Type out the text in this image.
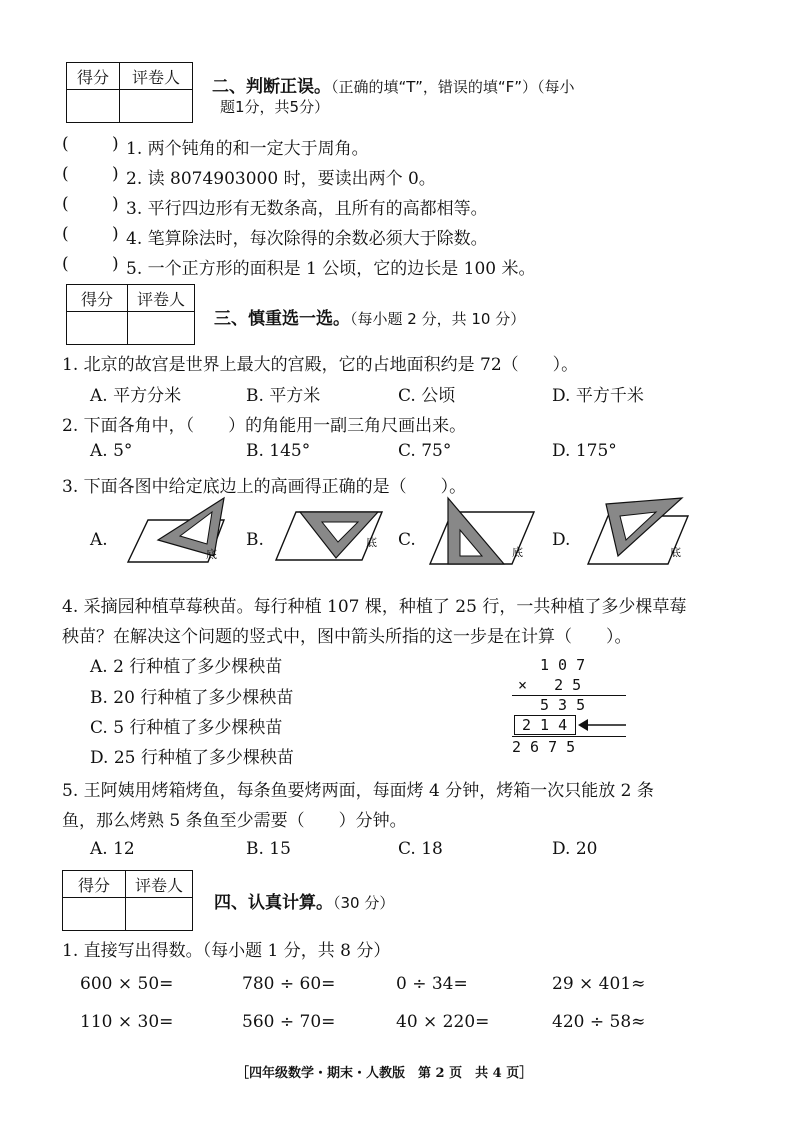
得分	评卷人
	二、判断正误。（正确的填“T”，错误的填“F”）（每小
题1分，共5分）
(	) 1. 两个钝角的和一定大于周角。
(	) 2. 读 8074903000 时，要读出两个 0。
(	) 3. 平行四边形有无数条高，且所有的高都相等。
(	) 4. 笔算除法时，每次除得的余数必须大于除数。
(	) 5. 一个正方形的面积是 1 公顷，它的边长是 100 米。
得分	评卷人

三、慎重选一选。（每小题 2 分，共 10 分）
1. 北京的故宫是世界上最大的宫殿，它的占地面积约是 72（　　）。
A. 平方分米	B. 平方米	C. 公顷	D. 平方千米
2. 下面各角中，（　　）的角能用一副三角尺画出来。
A. 5°	B. 145°	C. 75°	D. 175°
3. 下面各图中给定底边上的高画得正确的是（　　）。
A.
底
B.	底 C.
底
D.
底
4. 采摘园种植草莓秧苗。每行种植 107 棵，种植了 25 行，一共种植了多少棵草莓
秧苗？在解决这个问题的竖式中，图中箭头所指的这一步是在计算（　　）。
A. 2 行种植了多少棵秧苗
B. 20 行种植了多少棵秧苗
C. 5 行种植了多少棵秧苗
D. 25 行种植了多少棵秧苗
1 0 7
×   2 5
5 3 5
2 1 4
2 6 7 5
5. 王阿姨用烤箱烤鱼，每条鱼要烤两面，每面烤 4 分钟，烤箱一次只能放 2 条
鱼，那么烤熟 5 条鱼至少需要（　　）分钟。
A. 12	B. 15	C. 18	D. 20
得分	评卷人

四、认真计算。（30 分）
1. 直接写出得数。（每小题 1 分，共 8 分）
600 × 50=	780 ÷ 60=	0 ÷ 34=	29 × 401≈
110 × 30=	560 ÷ 70=	40 × 220=	420 ÷ 58≈
［四年级数学・期末・人教版　第 2 页　共 4 页］
